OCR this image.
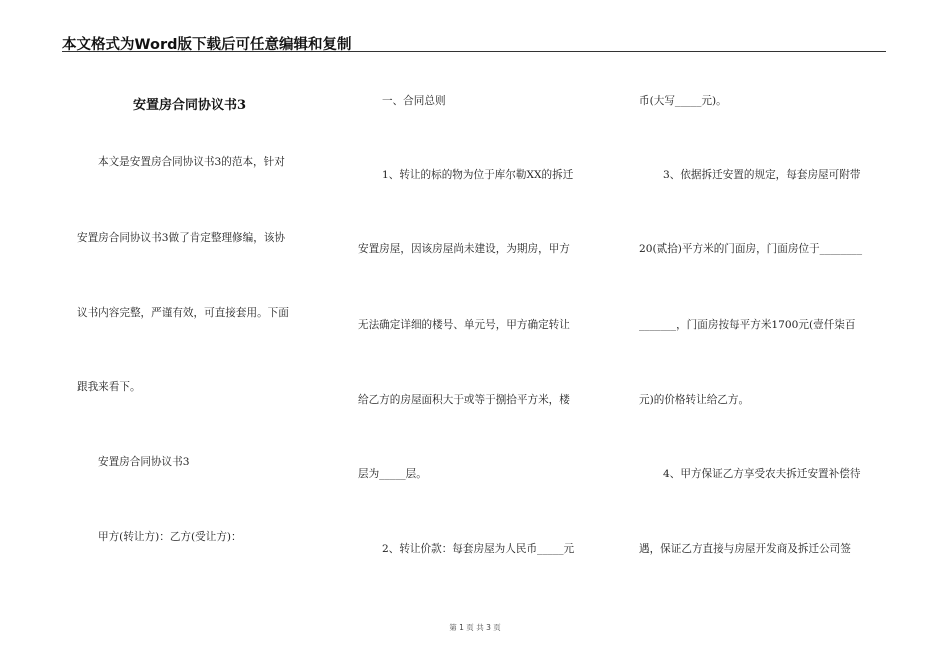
本文格式为Word版下载后可任意编辑和复制
安置房合同协议书3
本文是安置房合同协议书3的范本，针对
安置房合同协议书3做了肯定整理修编，该协
议书内容完整，严谨有效，可直接套用。下面
跟我来看下。
安置房合同协议书3
甲方(转让方)：乙方(受让方)：
一、合同总则
1、转让的标的物为位于库尔勒XX的拆迁
安置房屋，因该房屋尚未建设，为期房，甲方
无法确定详细的楼号、单元号，甲方确定转让
给乙方的房屋面积大于或等于捌拾平方米，楼
层为_____层。
2、转让价款：每套房屋为人民币_____元
币(大写_____元)。
3、依据拆迁安置的规定，每套房屋可附带
20(贰拾)平方米的门面房，门面房位于________
_______，门面房按每平方米1700元(壹仟柒百
元)的价格转让给乙方。
4、甲方保证乙方享受农夫拆迁安置补偿待
遇，保证乙方直接与房屋开发商及拆迁公司签
第 1 页 共 3 页
